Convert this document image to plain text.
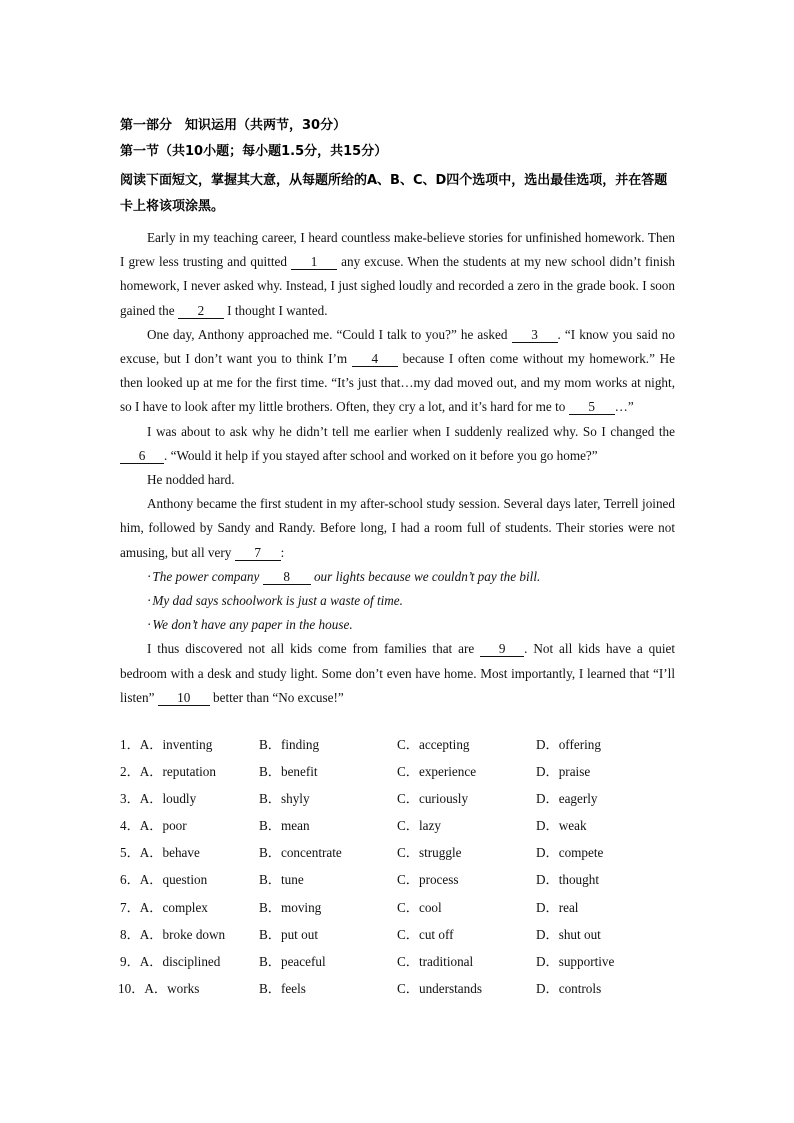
第一部分　知识运用（共两节，30分）
第一节（共10小题；每小题1.5分，共15分）
阅读下面短文，掌握其大意，从每题所给的A、B、C、D四个选项中，选出最佳选项，并在答题卡上将该项涂黑。

Early in my teaching career, I heard countless make-believe stories for unfinished homework. Then I grew less trusting and quitted 1 any excuse. When the students at my new school didn’t finish homework, I never asked why. Instead, I just sighed loudly and recorded a zero in the grade book. I soon gained the 2 I thought I wanted.

One day, Anthony approached me. “Could I talk to you?” he asked 3 . “I know you said no excuse, but I don’t want you to think I’m 4 because I often come without my homework.” He then looked up at me for the first time. “It’s just that…my dad moved out, and my mom works at night, so I have to look after my little brothers. Often, they cry a lot, and it’s hard for me to 5 …”

I was about to ask why he didn’t tell me earlier when I suddenly realized why. So I changed the 6 . “Would it help if you stayed after school and worked on it before you go home?”

He nodded hard.

Anthony became the first student in my after-school study session. Several days later, Terrell joined him, followed by Sandy and Randy. Before long, I had a room full of students. Their stories were not amusing, but all very 7 :

·The power company 8 our lights because we couldn’t pay the bill.

·My dad says schoolwork is just a waste of time.

·We don’t have any paper in the house.

I thus discovered not all kids come from families that are 9 . Not all kids have a quiet bedroom with a desk and study light. Some don’t even have home. Most importantly, I learned that “I’ll listen” 10 better than “No excuse!”

1．A．inventing	B．finding	C．accepting	D．offering
2．A．reputation	B．benefit	C．experience	D．praise
3．A．loudly	B．shyly	C．curiously	D．eagerly
4．A．poor	B．mean	C．lazy	D．weak
5．A．behave	B．concentrate	C．struggle	D．compete
6．A．question	B．tune	C．process	D．thought
7．A．complex	B．moving	C．cool	D．real
8．A．broke down	B．put out	C．cut off	D．shut out
9．A．disciplined	B．peaceful	C．traditional	D．supportive
10．A．works	B．feels	C．understands	D．controls
